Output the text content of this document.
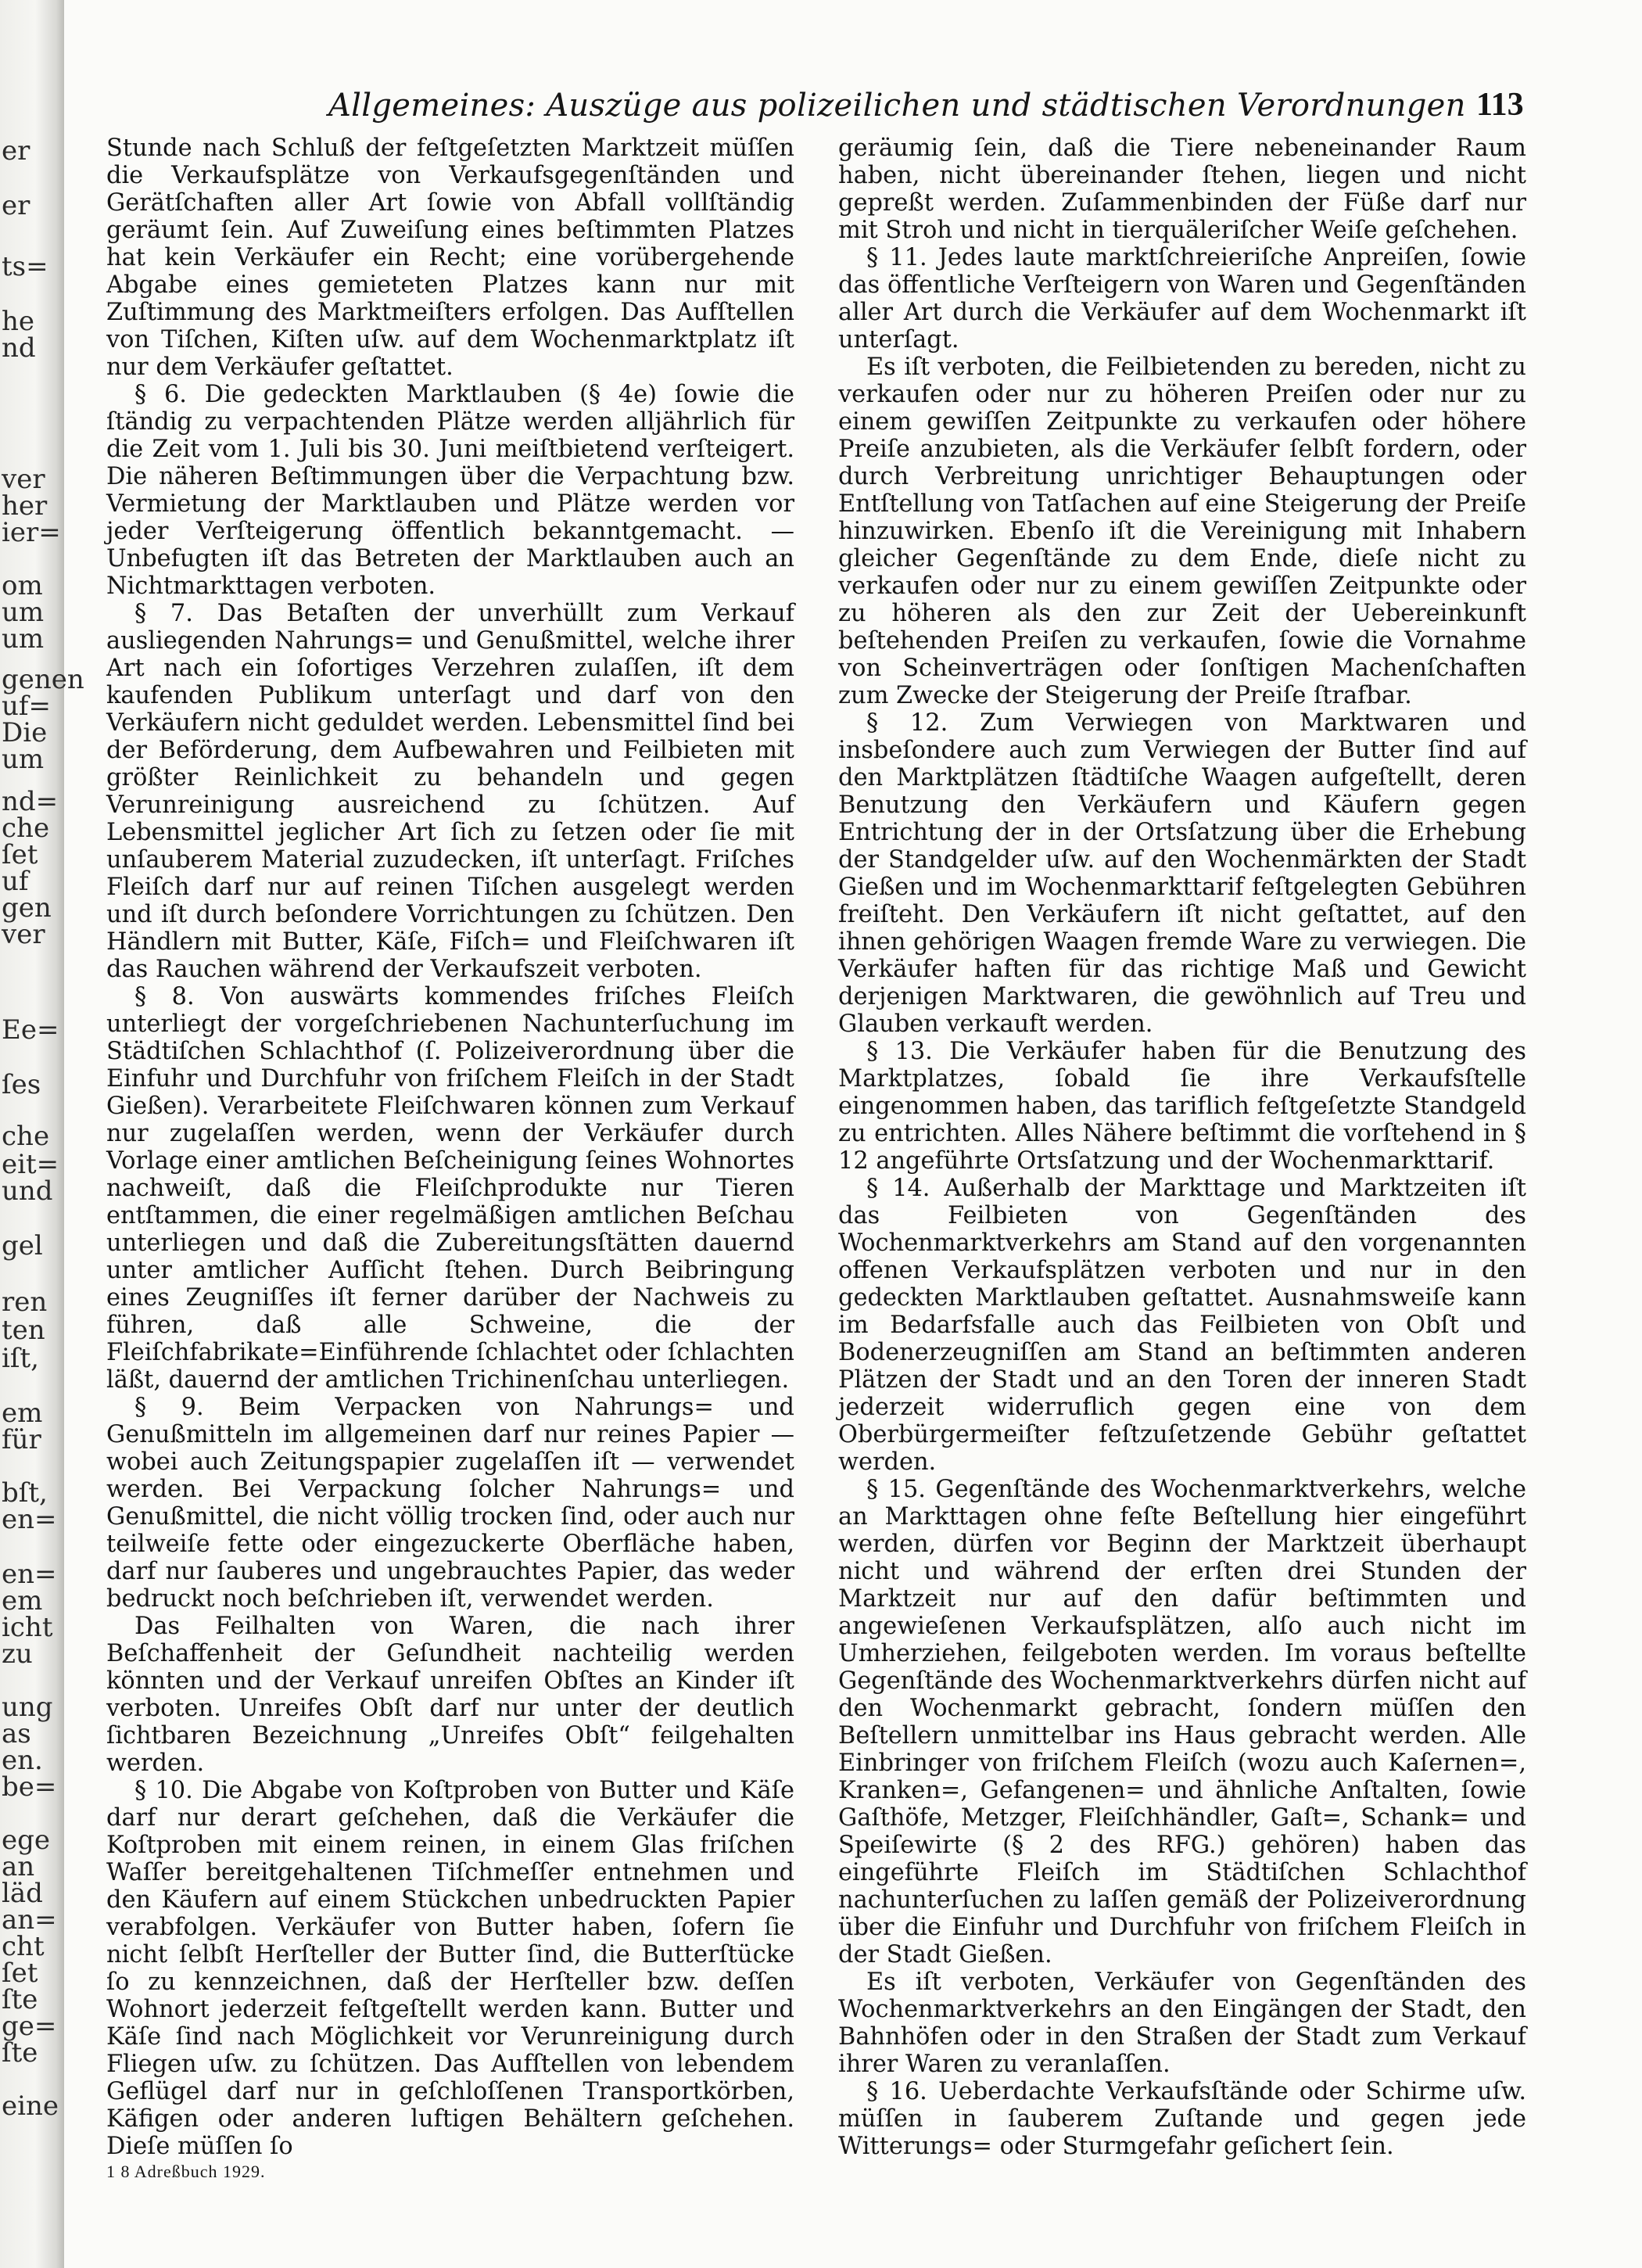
er
er
ts=
he
nd
ver
her
ier=
om
um
um
genen
uf=
Die
um
nd=
che
ſet
uf
gen
ver
Ee=
ſes
che
eit=
und
gel
ren
ten
iſt,
em
für
bſt,
en=
en=
em
icht
zu
ung
as
en.
be=
ege
an
läd
an=
cht
ſet
ſte
ge=
ſte
eine
Allgemeines: Auszüge aus polizeilichen und städtischen Verordnungen 113

Stunde nach Schluß der feſtgeſetzten Marktzeit müſſen die Verkaufsplätze von Verkaufsgegenſtänden und Gerätſchaften aller Art ſowie von Abfall vollſtändig geräumt ſein. Auf Zuweiſung eines beſtimmten Platzes hat kein Verkäufer ein Recht; eine vorübergehende Abgabe eines gemieteten Platzes kann nur mit Zuſtimmung des Marktmeiſters erfolgen. Das Aufſtellen von Tiſchen, Kiſten uſw. auf dem Wochenmarktplatz iſt nur dem Verkäufer geſtattet.

§ 6. Die gedeckten Marktlauben (§ 4e) ſowie die ſtändig zu verpachtenden Plätze werden alljährlich für die Zeit vom 1. Juli bis 30. Juni meiſtbietend verſteigert. Die näheren Beſtimmungen über die Verpachtung bzw. Vermietung der Marktlauben und Plätze werden vor jeder Verſteigerung öffentlich bekanntgemacht. — Unbefugten iſt das Betreten der Marktlauben auch an Nichtmarkttagen verboten.

§ 7. Das Betaſten der unverhüllt zum Verkauf ausliegenden Nahrungs= und Genußmittel, welche ihrer Art nach ein ſofortiges Verzehren zulaſſen, iſt dem kaufenden Publikum unterſagt und darf von den Verkäufern nicht geduldet werden. Lebensmittel ſind bei der Beförderung, dem Aufbewahren und Feilbieten mit größter Reinlichkeit zu behandeln und gegen Verunreinigung ausreichend zu ſchützen. Auf Lebensmittel jeglicher Art ſich zu ſetzen oder ſie mit unſauberem Material zuzudecken, iſt unterſagt. Friſches Fleiſch darf nur auf reinen Tiſchen ausgelegt werden und iſt durch beſondere Vorrichtungen zu ſchützen. Den Händlern mit Butter, Käſe, Fiſch= und Fleiſchwaren iſt das Rauchen während der Verkaufszeit verboten.

§ 8. Von auswärts kommendes friſches Fleiſch unterliegt der vorgeſchriebenen Nachunterſuchung im Städtiſchen Schlachthof (ſ. Polizeiverordnung über die Einfuhr und Durchfuhr von friſchem Fleiſch in der Stadt Gießen). Verarbeitete Fleiſchwaren können zum Verkauf nur zugelaſſen werden, wenn der Verkäufer durch Vorlage einer amtlichen Beſcheinigung ſeines Wohnortes nachweiſt, daß die Fleiſchprodukte nur Tieren entſtammen, die einer regelmäßigen amtlichen Beſchau unterliegen und daß die Zubereitungsſtätten dauernd unter amtlicher Aufſicht ſtehen. Durch Beibringung eines Zeugniſſes iſt ferner darüber der Nachweis zu führen, daß alle Schweine, die der Fleiſchfabrikate=Einführende ſchlachtet oder ſchlachten läßt, dauernd der amtlichen Trichinenſchau unterliegen.

§ 9. Beim Verpacken von Nahrungs= und Genußmitteln im allgemeinen darf nur reines Papier — wobei auch Zeitungspapier zugelaſſen iſt — verwendet werden. Bei Verpackung ſolcher Nahrungs= und Genußmittel, die nicht völlig trocken ſind, oder auch nur teilweiſe fette oder eingezuckerte Oberfläche haben, darf nur ſauberes und ungebrauchtes Papier, das weder bedruckt noch beſchrieben iſt, verwendet werden.

Das Feilhalten von Waren, die nach ihrer Beſchaffenheit der Geſundheit nachteilig werden könnten und der Verkauf unreifen Obſtes an Kinder iſt verboten. Unreifes Obſt darf nur unter der deutlich ſichtbaren Bezeichnung „Unreifes Obſt“ feilgehalten werden.

§ 10. Die Abgabe von Koſtproben von Butter und Käſe darf nur derart geſchehen, daß die Verkäufer die Koſtproben mit einem reinen, in einem Glas friſchen Waſſer bereitgehaltenen Tiſchmeſſer entnehmen und den Käufern auf einem Stückchen unbedruckten Papier verabfolgen. Verkäufer von Butter haben, ſofern ſie nicht ſelbſt Herſteller der Butter ſind, die Butterſtücke ſo zu kennzeichnen, daß der Herſteller bzw. deſſen Wohnort jederzeit feſtgeſtellt werden kann. Butter und Käſe ſind nach Möglichkeit vor Verunreinigung durch Fliegen uſw. zu ſchützen. Das Aufſtellen von lebendem Geflügel darf nur in geſchloſſenen Transportkörben, Käfigen oder anderen luftigen Behältern geſchehen. Dieſe müſſen ſo

geräumig ſein, daß die Tiere nebeneinander Raum haben, nicht übereinander ſtehen, liegen und nicht gepreßt werden. Zuſammenbinden der Füße darf nur mit Stroh und nicht in tierquäleriſcher Weiſe geſchehen.

§ 11. Jedes laute marktſchreieriſche Anpreiſen, ſowie das öffentliche Verſteigern von Waren und Gegenſtänden aller Art durch die Verkäufer auf dem Wochenmarkt iſt unterſagt.

Es iſt verboten, die Feilbietenden zu bereden, nicht zu verkaufen oder nur zu höheren Preiſen oder nur zu einem gewiſſen Zeitpunkte zu verkaufen oder höhere Preiſe anzubieten, als die Verkäufer ſelbſt fordern, oder durch Verbreitung unrichtiger Behauptungen oder Entſtellung von Tatſachen auf eine Steigerung der Preiſe hinzuwirken. Ebenſo iſt die Vereinigung mit Inhabern gleicher Gegenſtände zu dem Ende, dieſe nicht zu verkaufen oder nur zu einem gewiſſen Zeitpunkte oder zu höheren als den zur Zeit der Uebereinkunft beſtehenden Preiſen zu verkaufen, ſowie die Vornahme von Scheinverträgen oder ſonſtigen Machenſchaften zum Zwecke der Steigerung der Preiſe ſtrafbar.

§ 12. Zum Verwiegen von Marktwaren und insbeſondere auch zum Verwiegen der Butter ſind auf den Marktplätzen ſtädtiſche Waagen aufgeſtellt, deren Benutzung den Verkäufern und Käufern gegen Entrichtung der in der Ortsſatzung über die Erhebung der Standgelder uſw. auf den Wochenmärkten der Stadt Gießen und im Wochenmarkttarif feſtgelegten Gebühren freiſteht. Den Verkäufern iſt nicht geſtattet, auf den ihnen gehörigen Waagen fremde Ware zu verwiegen. Die Verkäufer haften für das richtige Maß und Gewicht derjenigen Marktwaren, die gewöhnlich auf Treu und Glauben verkauft werden.

§ 13. Die Verkäufer haben für die Benutzung des Marktplatzes, ſobald ſie ihre Verkaufsſtelle eingenommen haben, das tariflich feſtgeſetzte Standgeld zu entrichten. Alles Nähere beſtimmt die vorſtehend in § 12 angeführte Ortsſatzung und der Wochenmarkttarif.

§ 14. Außerhalb der Markttage und Marktzeiten iſt das Feilbieten von Gegenſtänden des Wochenmarktverkehrs am Stand auf den vorgenannten offenen Verkaufsplätzen verboten und nur in den gedeckten Marktlauben geſtattet. Ausnahmsweiſe kann im Bedarfsfalle auch das Feilbieten von Obſt und Bodenerzeugniſſen am Stand an beſtimmten anderen Plätzen der Stadt und an den Toren der inneren Stadt jederzeit widerruflich gegen eine von dem Oberbürgermeiſter feſtzuſetzende Gebühr geſtattet werden.

§ 15. Gegenſtände des Wochenmarktverkehrs, welche an Markttagen ohne feſte Beſtellung hier eingeführt werden, dürfen vor Beginn der Marktzeit überhaupt nicht und während der erſten drei Stunden der Marktzeit nur auf den dafür beſtimmten und angewieſenen Verkaufsplätzen, alſo auch nicht im Umherziehen, feilgeboten werden. Im voraus beſtellte Gegenſtände des Wochenmarktverkehrs dürfen nicht auf den Wochenmarkt gebracht, ſondern müſſen den Beſtellern unmittelbar ins Haus gebracht werden. Alle Einbringer von friſchem Fleiſch (wozu auch Kaſernen=, Kranken=, Gefangenen= und ähnliche Anſtalten, ſowie Gaſthöfe, Metzger, Fleiſchhändler, Gaſt=, Schank= und Speiſewirte (§ 2 des RFG.) gehören) haben das eingeführte Fleiſch im Städtiſchen Schlachthof nachunterſuchen zu laſſen gemäß der Polizeiverordnung über die Einfuhr und Durchfuhr von friſchem Fleiſch in der Stadt Gießen.

Es iſt verboten, Verkäufer von Gegenſtänden des Wochenmarktverkehrs an den Eingängen der Stadt, den Bahnhöfen oder in den Straßen der Stadt zum Verkauf ihrer Waren zu veranlaſſen.

§ 16. Ueberdachte Verkaufsſtände oder Schirme uſw. müſſen in ſauberem Zuſtande und gegen jede Witterungs= oder Sturmgefahr geſichert ſein.

1 8 Adreßbuch 1929.
